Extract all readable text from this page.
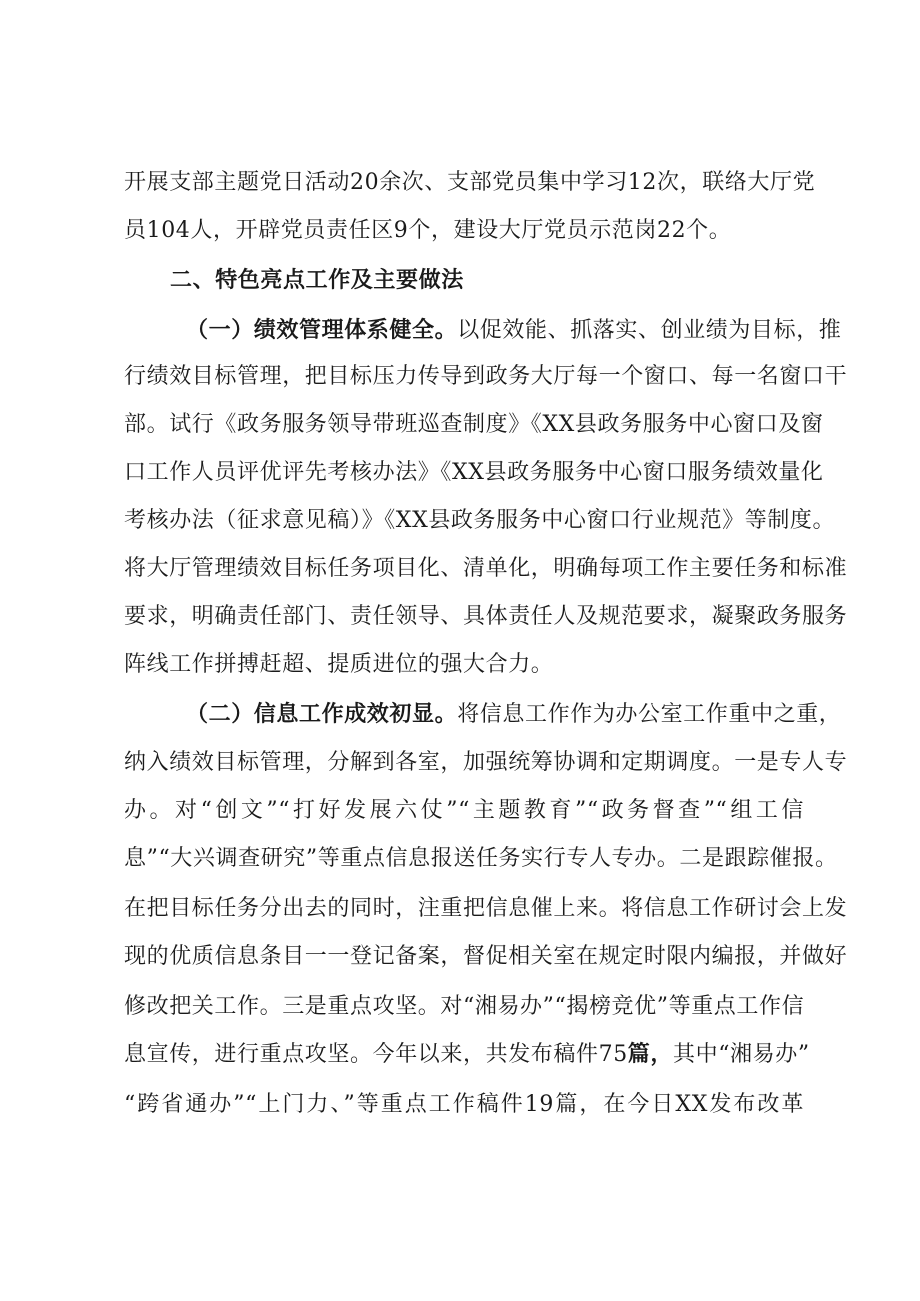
开展支部主题党日活动20余次、支部党员集中学习12次，联络大厅党
员104人，开辟党员责任区9个，建设大厅党员示范岗22个。
二、特色亮点工作及主要做法
（一）绩效管理体系健全。以促效能、抓落实、创业绩为目标，推
行绩效目标管理，把目标压力传导到政务大厅每一个窗口、每一名窗口干
部。试行《政务服务领导带班巡查制度》《XX县政务服务中心窗口及窗
口工作人员评优评先考核办法》《XX县政务服务中心窗口服务绩效量化
考核办法（征求意见稿）》《XX县政务服务中心窗口行业规范》等制度。
将大厅管理绩效目标任务项目化、清单化，明确每项工作主要任务和标准
要求，明确责任部门、责任领导、具体责任人及规范要求，凝聚政务服务
阵线工作拼搏赶超、提质进位的强大合力。
（二）信息工作成效初显。将信息工作作为办公室工作重中之重，
纳入绩效目标管理，分解到各室，加强统筹协调和定期调度。一是专人专
办。对“创文”“打好发展六仗”“主题教育”“政务督查”“组工信
息”“大兴调查研究”等重点信息报送任务实行专人专办。二是跟踪催报。
在把目标任务分出去的同时，注重把信息催上来。将信息工作研讨会上发
现的优质信息条目一一登记备案，督促相关室在规定时限内编报，并做好
修改把关工作。三是重点攻坚。对“湘易办”“揭榜竞优”等重点工作信
息宣传，进行重点攻坚。今年以来，共发布稿件75篇，其中“湘易办”
“跨省通办”“上门力、”等重点工作稿件19篇，在今日XX发布改革
